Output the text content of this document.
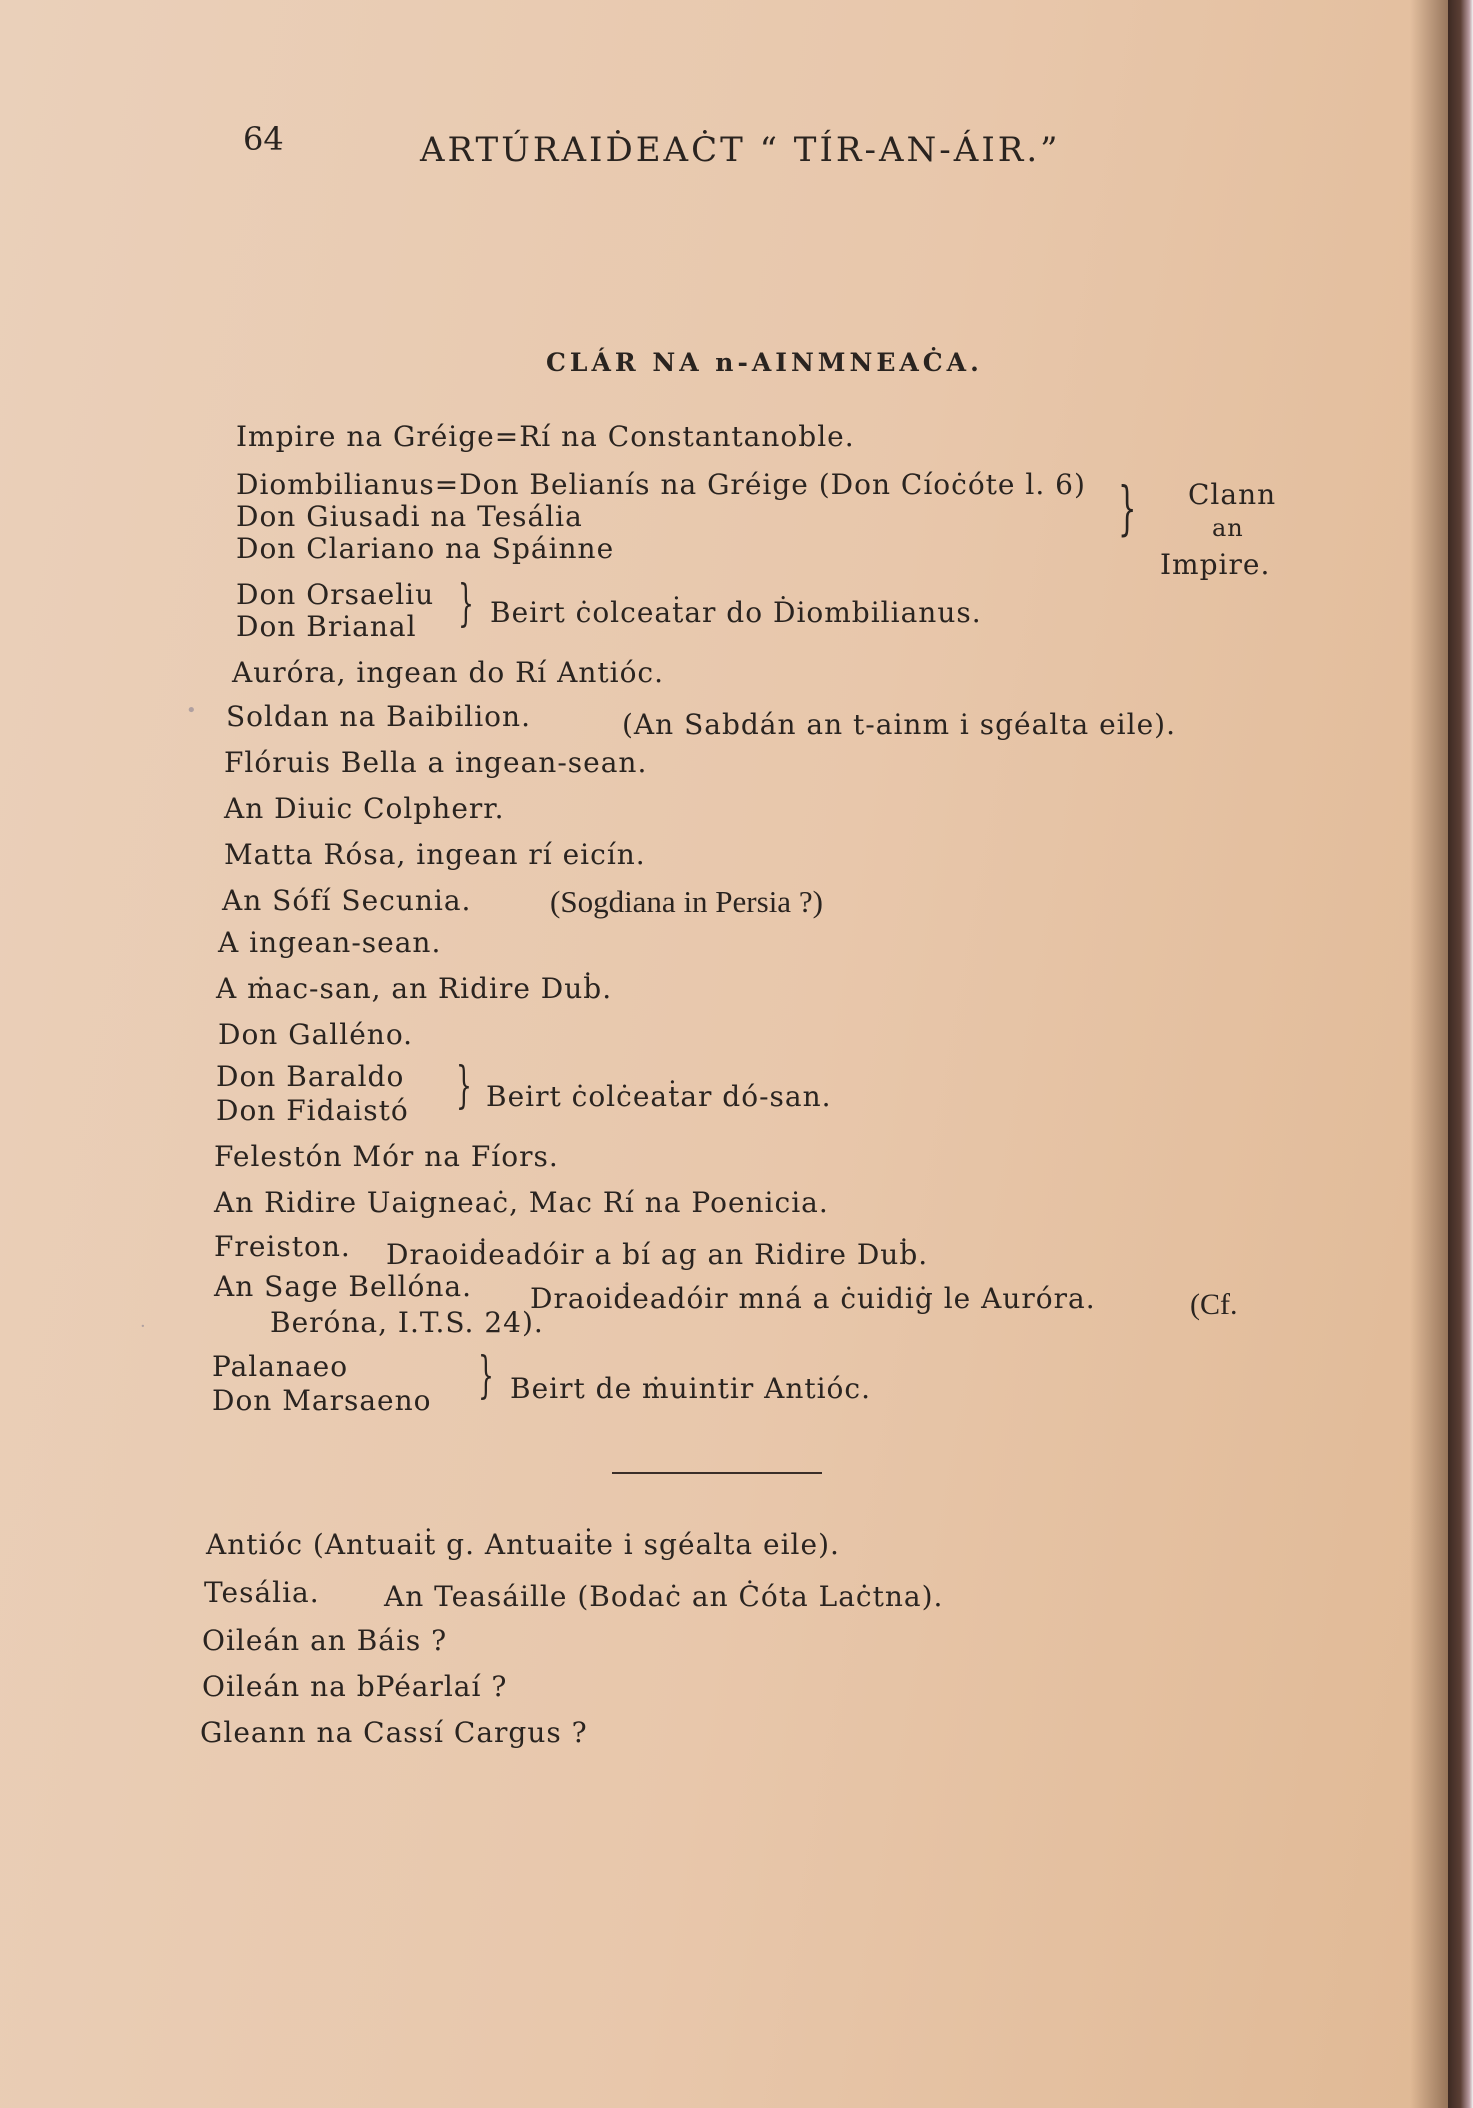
64	ARTÚRAIḊEAĊT “ TÍR-AN-ÁIR.”
CLÁR NA n-AINMNEAĊA.
Impire na Gréige=Rí na Constantanoble.
Diombilianus=Don Belianís na Gréige (Don Cíoċóte l. 6)
Don Giusadi na Tesália
Don Clariano na Spáinne
} Clann
an
Impire.
Don Orsaeliu
Don Brianal } Beirt ċolceaṫar do Ḋiombilianus.
Auróra, ingean do Rí Antióc.
Soldan na Baibilion.	(An Sabdán an t-ainm i sgéalta eile).
Flóruis Bella a ingean-sean.
An Diuic Colpherr.
Matta Rósa, ingean rí eicín.
An Sófí Secunia.	(Sogdiana in Persia ?)
A ingean-sean.
A ṁac-san, an Ridire Duḃ.
Don Galléno.
Don Baraldo
Don Fidaistó } Beirt ċolċeaṫar dó-san.
Felestón Mór na Fíors.
An Ridire Uaigneaċ, Mac Rí na Poenicia.
Freiston. Draoiḋeadóir a bí ag an Ridire Duḃ.
An Sage Bellóna. Draoiḋeadóir mná a ċuidiġ le Auróra.	(Cf.
Beróna, I.T.S. 24).
Palanaeo
Don Marsaeno } Beirt de ṁuintir Antióc.
Antióc (Antuaiṫ g. Antuaiṫe i sgéalta eile).
Tesália. An Teasáille (Bodaċ an Ċóta Laċtna).
Oileán an Báis ?
Oileán na bPéarlaí ?
Gleann na Cassí Cargus ?
•
·
